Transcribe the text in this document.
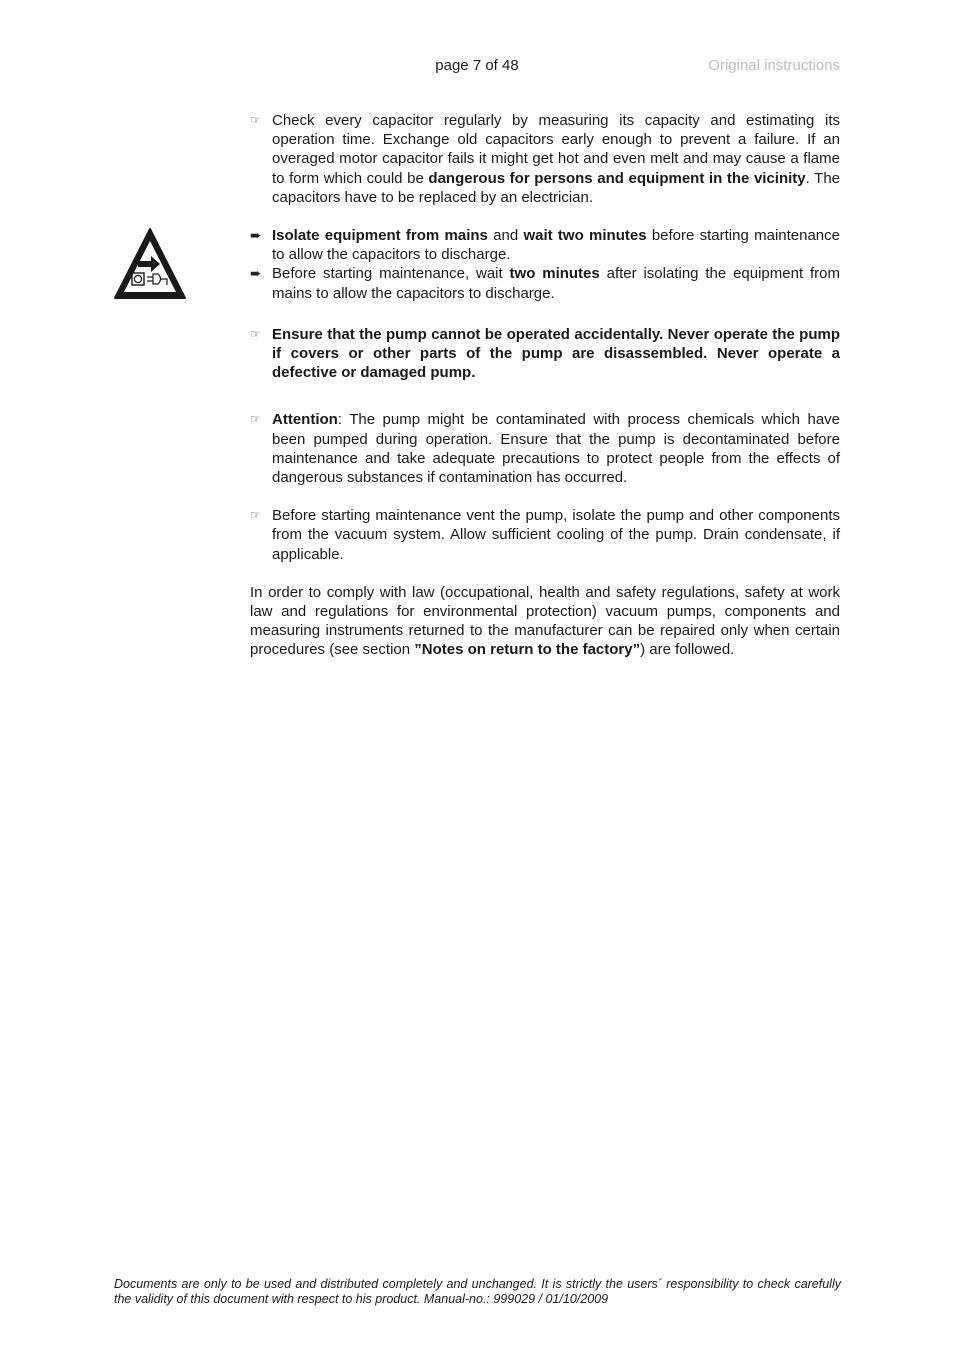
page 7 of 48	Original instructions
☞ Check every capacitor regularly by measuring its capacity and estimating its operation time. Exchange old capacitors early enough to prevent a failure. If an overaged motor capacitor fails it might get hot and even melt and may cause a flame to form which could be dangerous for persons and equipment in the vicinity. The capacitors have to be replaced by an electrician.
➨ Isolate equipment from mains and wait two minutes before starting maintenance to allow the capacitors to discharge.
➨ Before starting maintenance, wait two minutes after isolating the equipment from mains to allow the capacitors to discharge.
☞ Ensure that the pump cannot be operated accidentally. Never operate the pump if covers or other parts of the pump are disassembled. Never operate a defective or damaged pump.
☞ Attention: The pump might be contaminated with process chemicals which have been pumped during operation. Ensure that the pump is decontaminated before maintenance and take adequate precautions to protect people from the effects of dangerous substances if contamination has occurred.
☞ Before starting maintenance vent the pump, isolate the pump and other components from the vacuum system. Allow sufficient cooling of the pump. Drain condensate, if applicable.
In order to comply with law (occupational, health and safety regulations, safety at work law and regulations for environmental protection) vacuum pumps, components and measuring instruments returned to the manufacturer can be repaired only when certain procedures (see section ”Notes on return to the factory”) are followed.
Documents are only to be used and distributed completely and unchanged. It is strictly the users´ responsibility to check carefully the validity of this document with respect to his product. Manual-no.: 999029 / 01/10/2009
